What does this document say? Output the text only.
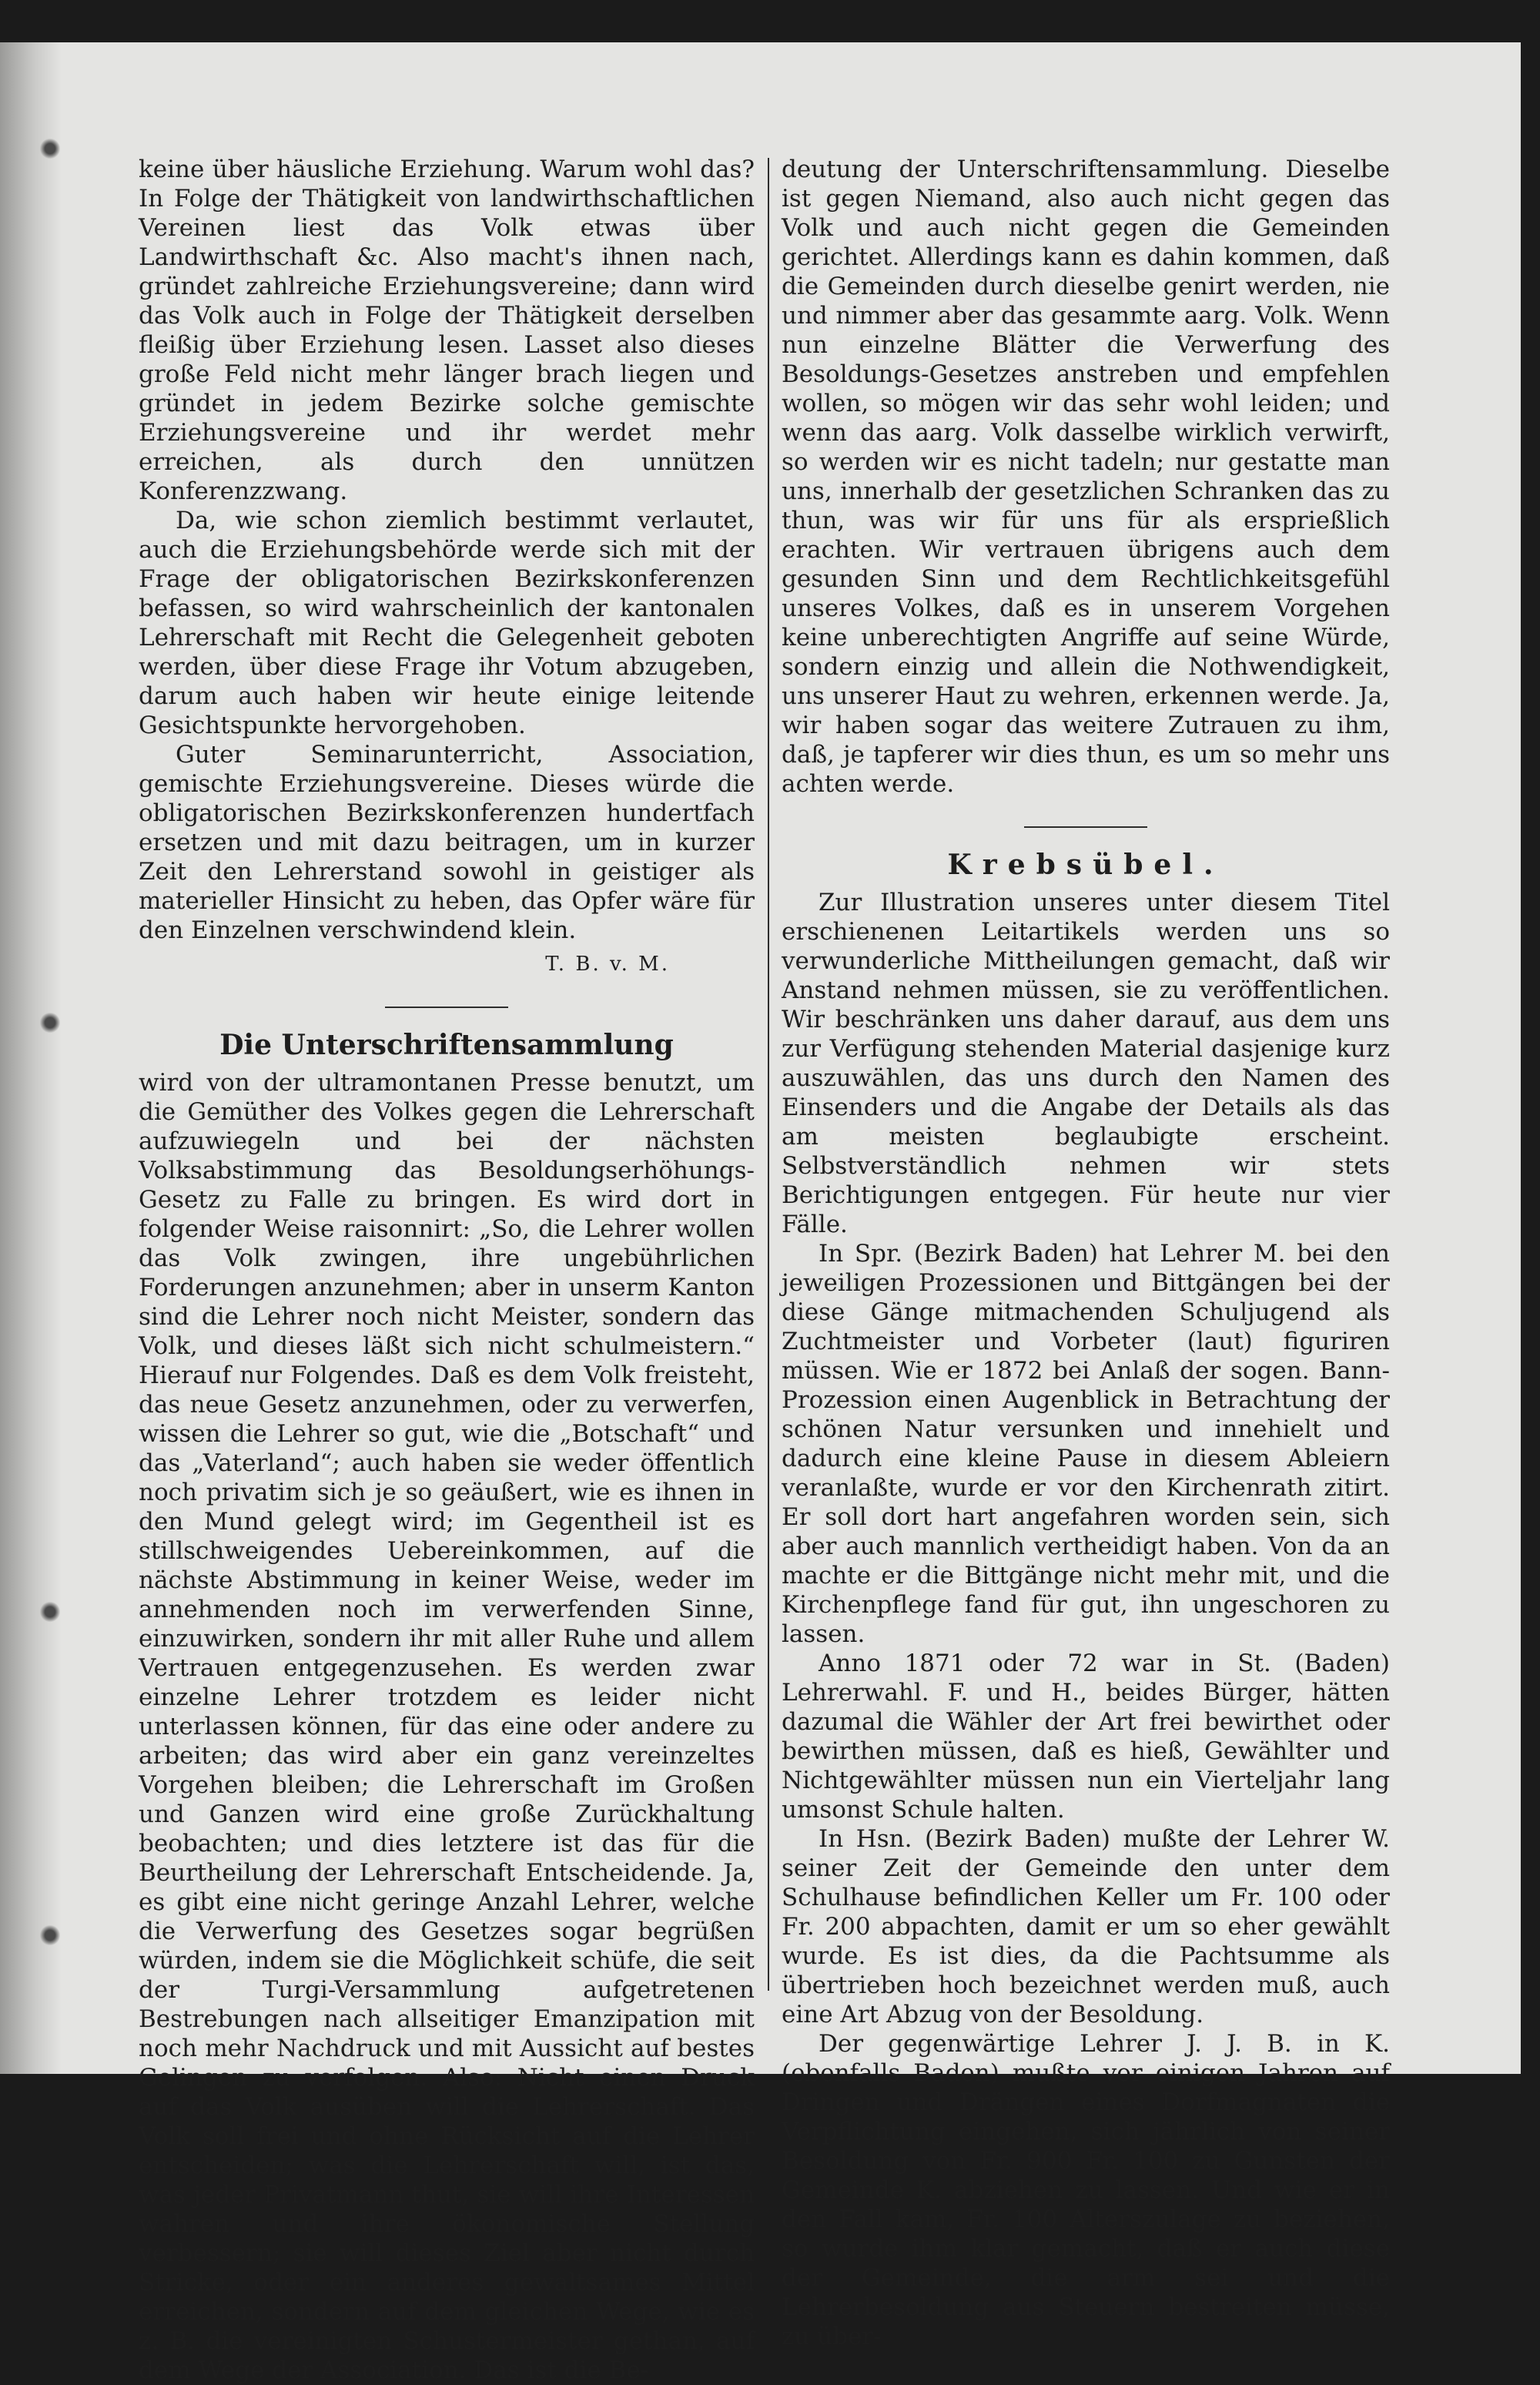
keine über häusliche Erziehung. Warum wohl das? In Folge der Thätigkeit von landwirthschaftlichen Vereinen liest das Volk etwas über Landwirthschaft &c. Also macht's ihnen nach, gründet zahlreiche Erziehungsvereine; dann wird das Volk auch in Folge der Thätigkeit derselben fleißig über Erziehung lesen. Lasset also dieses große Feld nicht mehr länger brach liegen und gründet in jedem Bezirke solche gemischte Erziehungsvereine und ihr werdet mehr erreichen, als durch den unnützen Konferenzzwang.

Da, wie schon ziemlich bestimmt verlautet, auch die Erziehungsbehörde werde sich mit der Frage der obligatorischen Bezirkskonferenzen befassen, so wird wahrscheinlich der kantonalen Lehrerschaft mit Recht die Gelegenheit geboten werden, über diese Frage ihr Votum abzugeben, darum auch haben wir heute einige leitende Gesichtspunkte hervorgehoben.

Guter Seminarunterricht, Association, gemischte Erziehungsvereine. Dieses würde die obligatorischen Bezirkskonferenzen hundertfach ersetzen und mit dazu beitragen, um in kurzer Zeit den Lehrerstand sowohl in geistiger als materieller Hinsicht zu heben, das Opfer wäre für den Einzelnen verschwindend klein.

T. B. v. M.
Die Unterschriftensammlung

wird von der ultramontanen Presse benutzt, um die Gemüther des Volkes gegen die Lehrerschaft aufzuwiegeln und bei der nächsten Volksabstimmung das Besoldungserhöhungs-Gesetz zu Falle zu bringen. Es wird dort in folgender Weise raisonnirt: „So, die Lehrer wollen das Volk zwingen, ihre ungebührlichen Forderungen anzunehmen; aber in unserm Kanton sind die Lehrer noch nicht Meister, sondern das Volk, und dieses läßt sich nicht schulmeistern.“ Hierauf nur Folgendes. Daß es dem Volk freisteht, das neue Gesetz anzunehmen, oder zu verwerfen, wissen die Lehrer so gut, wie die „Botschaft“ und das „Vaterland“; auch haben sie weder öffentlich noch privatim sich je so geäußert, wie es ihnen in den Mund gelegt wird; im Gegentheil ist es stillschweigendes Uebereinkommen, auf die nächste Abstimmung in keiner Weise, weder im annehmenden noch im verwerfenden Sinne, einzuwirken, sondern ihr mit aller Ruhe und allem Vertrauen entgegenzusehen. Es werden zwar einzelne Lehrer trotzdem es leider nicht unterlassen können, für das eine oder andere zu arbeiten; das wird aber ein ganz vereinzeltes Vorgehen bleiben; die Lehrerschaft im Großen und Ganzen wird eine große Zurückhaltung beobachten; und dies letztere ist das für die Beurtheilung der Lehrerschaft Entscheidende. Ja, es gibt eine nicht geringe Anzahl Lehrer, welche die Verwerfung des Gesetzes sogar begrüßen würden, indem sie die Möglichkeit schüfe, die seit der Turgi-Versammlung aufgetretenen Bestrebungen nach allseitiger Emanzipation mit noch mehr Nachdruck und mit Aussicht auf bestes Gelingen zu verfolgen. Also: Nicht einen Druck auf das Volk ausüben will die Lehrerschaft. Das Volk soll frei und ohne Rücksicht auf die Lehrer entscheiden; was die Lehrerschaft will, ist das, was jeder Privatmann thut, sie will ihre Interessen wahren und ihre ökonomische Stellung verbessern; sie will dieses Ziel aber nicht durch Stricke, oder ein anderes gewaltsames Mittel erreichen, sondern auf dem gleichen Wege, wie es z. B. die vereinigten Schustermeister gethan, auf dem Wege der Association. Das ist die Be-

deutung der Unterschriftensammlung. Dieselbe ist gegen Niemand, also auch nicht gegen das Volk und auch nicht gegen die Gemeinden gerichtet. Allerdings kann es dahin kommen, daß die Gemeinden durch dieselbe genirt werden, nie und nimmer aber das gesammte aarg. Volk. Wenn nun einzelne Blätter die Verwerfung des Besoldungs-Gesetzes anstreben und empfehlen wollen, so mögen wir das sehr wohl leiden; und wenn das aarg. Volk dasselbe wirklich verwirft, so werden wir es nicht tadeln; nur gestatte man uns, innerhalb der gesetzlichen Schranken das zu thun, was wir für uns für als ersprießlich erachten. Wir vertrauen übrigens auch dem gesunden Sinn und dem Rechtlichkeitsgefühl unseres Volkes, daß es in unserem Vorgehen keine unberechtigten Angriffe auf seine Würde, sondern einzig und allein die Nothwendigkeit, uns unserer Haut zu wehren, erkennen werde. Ja, wir haben sogar das weitere Zutrauen zu ihm, daß, je tapferer wir dies thun, es um so mehr uns achten werde.

Krebsübel.

Zur Illustration unseres unter diesem Titel erschienenen Leitartikels werden uns so verwunderliche Mittheilungen gemacht, daß wir Anstand nehmen müssen, sie zu veröffentlichen. Wir beschränken uns daher darauf, aus dem uns zur Verfügung stehenden Material dasjenige kurz auszuwählen, das uns durch den Namen des Einsenders und die Angabe der Details als das am meisten beglaubigte erscheint. Selbstverständlich nehmen wir stets Berichtigungen entgegen. Für heute nur vier Fälle.

In Spr. (Bezirk Baden) hat Lehrer M. bei den jeweiligen Prozessionen und Bittgängen bei der diese Gänge mitmachenden Schuljugend als Zuchtmeister und Vorbeter (laut) figuriren müssen. Wie er 1872 bei Anlaß der sogen. Bann-Prozession einen Augenblick in Betrachtung der schönen Natur versunken und innehielt und dadurch eine kleine Pause in diesem Ableiern veranlaßte, wurde er vor den Kirchenrath zitirt. Er soll dort hart angefahren worden sein, sich aber auch mannlich vertheidigt haben. Von da an machte er die Bittgänge nicht mehr mit, und die Kirchenpflege fand für gut, ihn ungeschoren zu lassen.

Anno 1871 oder 72 war in St. (Baden) Lehrerwahl. F. und H., beides Bürger, hätten dazumal die Wähler der Art frei bewirthet oder bewirthen müssen, daß es hieß, Gewählter und Nichtgewählter müssen nun ein Vierteljahr lang umsonst Schule halten.

In Hsn. (Bezirk Baden) mußte der Lehrer W. seiner Zeit der Gemeinde den unter dem Schulhause befindlichen Keller um Fr. 100 oder Fr. 200 abpachten, damit er um so eher gewählt wurde. Es ist dies, da die Pachtsumme als übertrieben hoch bezeichnet werden muß, auch eine Art Abzug von der Besoldung.

Der gegenwärtige Lehrer J. J. B. in K. (ebenfalls Baden) mußte vor einigen Jahren auf Dringen und Drängen eines Dorfmagnaten die Verpflichtung eingehen, sich jährlich von seiner Besoldung von Fr. 900 Fr. 100 zu Gunsten der Gemeinde K. abziehen zu lassen. Und wie er in den Fall kam, Fr. 100 Alterszulage zu beziehen, so wurde ihm klar gemacht, daß er auch diese der Gemeinde, die arm sei und die Lehrerbesoldung aus Steuern bestreiten müsse, zu über-
